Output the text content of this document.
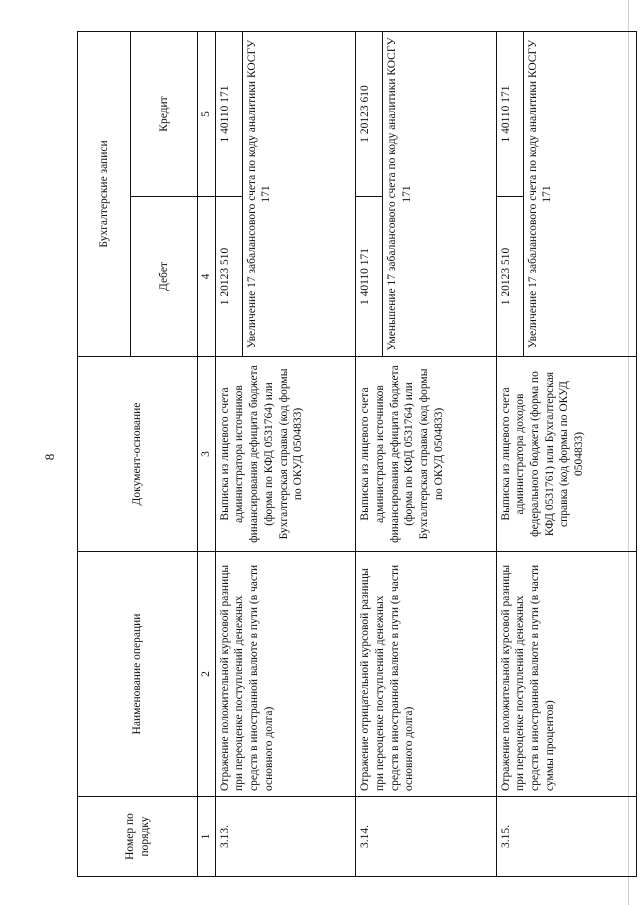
8
Номер по порядку	Наименование операции	Документ-основание	Бухгалтерские записи	
			Дебет	Кредит
1	2	3	4	5
3.13.	Отражение положительной курсовой разницы при переоценке поступлений денежных средств в иностранной валюте в пути (в части основного долга)	Выписка из лицевого счета администратора источников финансирования дефицита бюджета (форма по КФД 0531764) или Бухгалтерская справка (код формы по ОКУД 0504833)	1 20123 510	1 40110 171
			Увеличение 17 забалансового счета по коду аналитики КОСГУ 171	
3.14.	Отражение отрицательной курсовой разницы при переоценке поступлений денежных средств в иностранной валюте в пути (в части основного долга)	Выписка из лицевого счета администратора источников финансирования дефицита бюджета (форма по КФД 0531764) или Бухгалтерская справка (код формы по ОКУД 0504833)	1 40110 171	1 20123 610
			Уменьшение 17 забалансового счета по коду аналитики КОСГУ 171	
3.15.	Отражение положительной курсовой разницы при переоценке поступлений денежных средств в иностранной валюте в пути (в части суммы процентов)	Выписка из лицевого счета администратора доходов федерального бюджета (форма по КФД 0531761) или Бухгалтерская справка (код формы по ОКУД 0504833)	1 20123 510	1 40110 171
			Увеличение 17 забалансового счета по коду аналитики КОСГУ 171	
